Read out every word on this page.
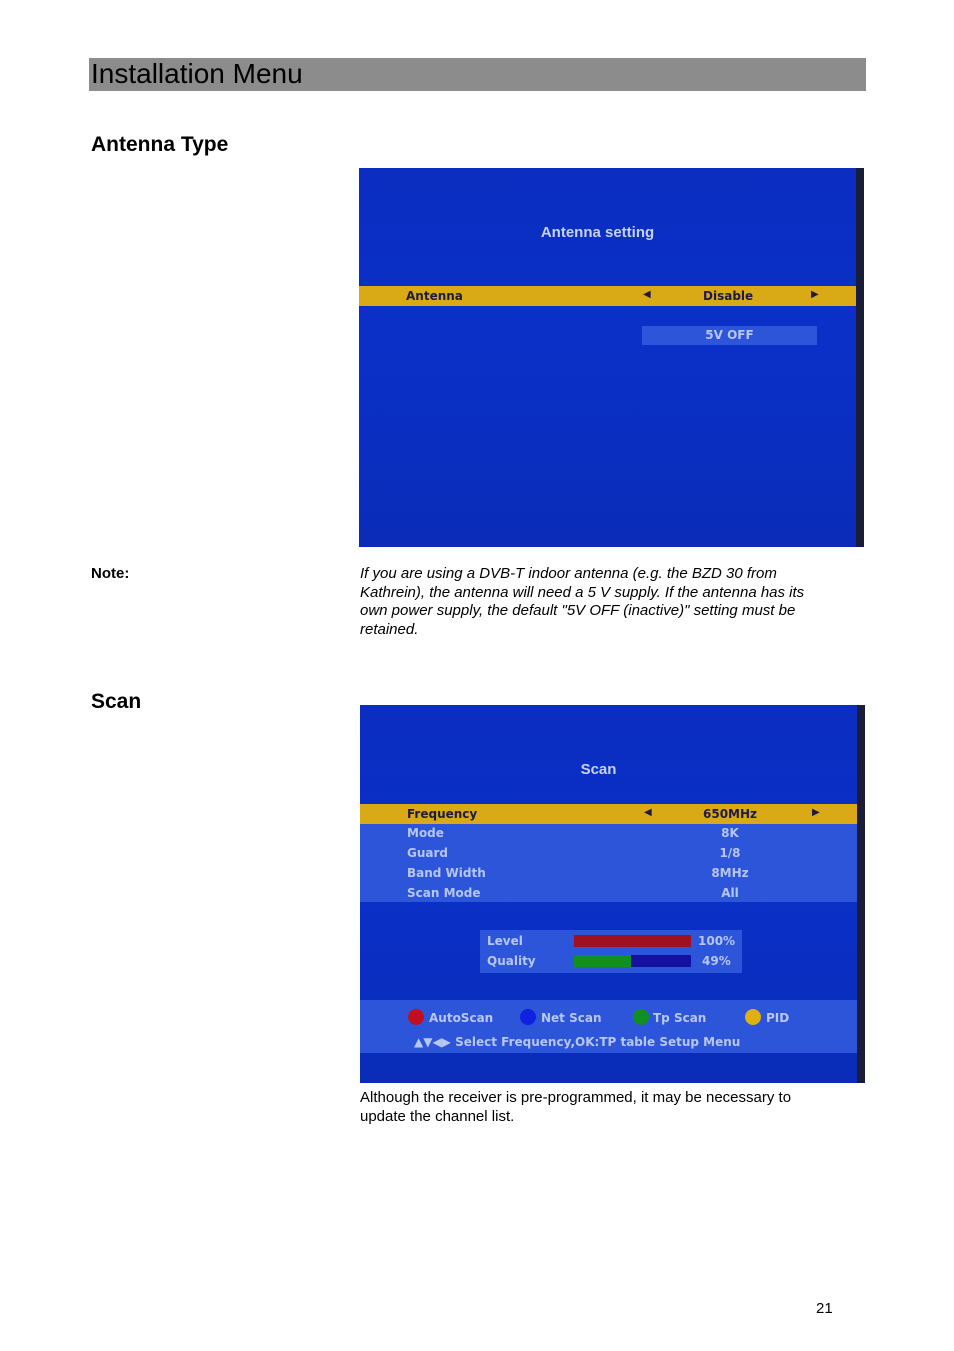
Installation Menu
Antenna Type
Antenna setting
Antenna	◀	Disable	▶
5V OFF
Note:	If you are using a DVB-T indoor antenna (e.g. the BZD 30 from
Kathrein), the antenna will need a 5 V supply. If the antenna has its
own power supply, the default "5V OFF (inactive)" setting must be
retained.
Scan
Scan
Frequency	◀	650MHz	▶
Mode	8K
Guard	1/8
Band Width	8MHz
Scan Mode	All
Level	100%
Quality	49%
AutoScan	Net Scan	Tp Scan	PID
▲▼◀▶ Select Frequency,OK:TP table Setup Menu
Although the receiver is pre-programmed, it may be necessary to
update the channel list.
21
